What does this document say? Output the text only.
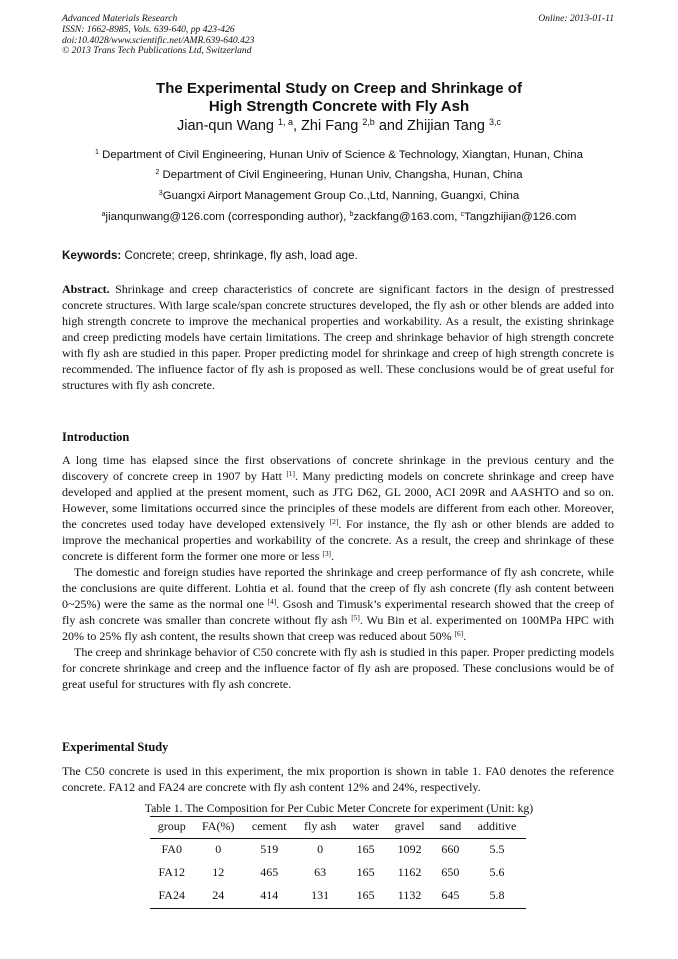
Advanced Materials Research
ISSN: 1662-8985, Vols. 639-640, pp 423-426
doi:10.4028/www.scientific.net/AMR.639-640.423
© 2013 Trans Tech Publications Ltd, Switzerland
Online: 2013-01-11
The Experimental Study on Creep and Shrinkage of
High Strength Concrete with Fly Ash
Jian-qun Wang $^{1, a}$, Zhi Fang $^{2,b}$ and Zhijian Tang $^{3,c}$
$^1$ Department of Civil Engineering, Hunan Univ of Science & Technology, Xiangtan, Hunan, China
$^2$ Department of Civil Engineering, Hunan Univ, Changsha, Hunan, China
$^3$Guangxi Airport Management Group Co.,Ltd, Nanning, Guangxi, China
$^a$jianqunwang@126.com (corresponding author), $^b$zackfang@163.com, $^c$Tangzhijian@126.com
Keywords: Concrete; creep, shrinkage, fly ash, load age.

Abstract. Shrinkage and creep characteristics of concrete are significant factors in the design of prestressed concrete structures. With large scale/span concrete structures developed, the fly ash or other blends are added into high strength concrete to improve the mechanical properties and workability. As a result, the existing shrinkage and creep predicting models have certain limitations. The creep and shrinkage behavior of high strength concrete with fly ash are studied in this paper. Proper predicting model for shrinkage and creep of high strength concrete is recommended. The influence factor of fly ash is proposed as well. These conclusions would be of great useful for structures with fly ash concrete.

Introduction

A long time has elapsed since the first observations of concrete shrinkage in the previous century and the discovery of concrete creep in 1907 by Hatt [1]. Many predicting models on concrete shrinkage and creep have developed and applied at the present moment, such as JTG D62, GL 2000, ACI 209R and AASHTO and so on. However, some limitations occurred since the principles of these models are different from each other. Moreover, the concretes used today have developed extensively [2]. For instance, the fly ash or other blends are added to improve the mechanical properties and workability of the concrete. As a result, the creep and shrinkage of these concrete is different form the former one more or less [3].

The domestic and foreign studies have reported the shrinkage and creep performance of fly ash concrete, while the conclusions are quite different. Lohtia et al. found that the creep of fly ash concrete (fly ash content between 0~25%) were the same as the normal one [4]. Gsosh and Timusk’s experimental research showed that the creep of fly ash concrete was smaller than concrete without fly ash [5]. Wu Bin et al. experimented on 100MPa HPC with 20% to 25% fly ash content, the results shown that creep was reduced about 50% [6].

The creep and shrinkage behavior of C50 concrete with fly ash is studied in this paper. Proper predicting models for concrete shrinkage and creep and the influence factor of fly ash are proposed. These conclusions would be of great useful for structures with fly ash concrete.

Experimental Study

The C50 concrete is used in this experiment, the mix proportion is shown in table 1. FA0 denotes the reference concrete. FA12 and FA24 are concrete with fly ash content 12% and 24%, respectively.

Table 1. The Composition for Per Cubic Meter Concrete for experiment (Unit: kg)
group	FA(%)	cement	fly ash	water	gravel	sand	additive
FA0	0	519	0	165	1092	660	5.5
FA12	12	465	63	165	1162	650	5.6
FA24	24	414	131	165	1132	645	5.8
